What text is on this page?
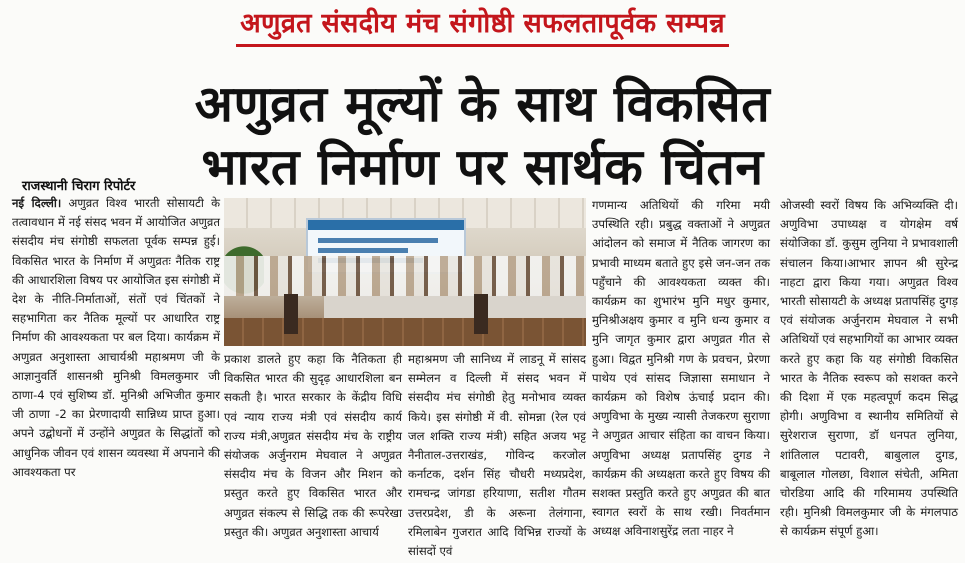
अणुव्रत संसदीय मंच संगोष्ठी सफलतापूर्वक सम्पन्न
अणुव्रत मूल्यों के साथ विकसित
भारत निर्माण पर सार्थक चिंतन
राजस्थानी चिराग रिपोर्टर

नई दिल्ली। अणुव्रत विश्व भारती सोसायटी के तत्वावधान में नई संसद भवन में आयोजित अणुव्रत संसदीय मंच संगोष्ठी सफलता पूर्वक सम्पन्न हुई। विकसित भारत के निर्माण में अणुव्रतः नैतिक राष्ट्र की आधारशिला विषय पर आयोजित इस संगोष्ठी में देश के नीति-निर्माताओं, संतों एवं चिंतकों ने सहभागिता कर नैतिक मूल्यों पर आधारित राष्ट्र निर्माण की आवश्यकता पर बल दिया। कार्यक्रम में अणुव्रत अनुशास्ता आचार्यश्री महाश्रमण जी के आज्ञानुवर्ति शासनश्री मुनिश्री विमलकुमार जी ठाणा-4 एवं सुशिष्य डॉ. मुनिश्री अभिजीत कुमार जी ठाणा -2 का प्रेरणादायी सान्निध्य प्राप्त हुआ। अपने उद्बोधनों में उन्होंने अणुव्रत के सिद्धांतों को आधुनिक जीवन एवं शासन व्यवस्था में अपनाने की आवश्यकता पर

प्रकाश डालते हुए कहा कि नैतिकता ही विकसित भारत की सुदृढ़ आधारशिला बन सकती है। भारत सरकार के केंद्रीय विधि एवं न्याय राज्य मंत्री एवं संसदीय कार्य राज्य मंत्री,अणुव्रत संसदीय मंच के राष्ट्रीय संयोजक अर्जुनराम मेघवाल ने अणुव्रत संसदीय मंच के विजन और मिशन को प्रस्तुत करते हुए विकसित भारत और अणुव्रत संकल्प से सिद्धि तक की रूपरेखा प्रस्तुत की। अणुव्रत अनुशास्ता आचार्य

महाश्रमण जी सानिध्य में लाडनू में सांसद सम्मेलन व दिल्ली में संसद भवन में संसदीय मंच संगोष्ठी हेतु मनोभाव व्यक्त किये। इस संगोष्ठी में वी. सोमन्ना (रेल एवं जल शक्ति राज्य मंत्री) सहित अजय भट्ट नैनीताल-उत्तराखंड, गोविन्द करजोल कर्नाटक, दर्शन सिंह चौधरी मध्यप्रदेश, रामचन्द्र जांगडा हरियाणा, सतीश गौतम उत्तरप्रदेश, डी के अरूना तेलंगाना, रमिलाबेन गुजरात आदि विभिन्न राज्यों के सांसदों एवं

गणमान्य अतिथियों की गरिमा मयी उपस्थिति रही। प्रबुद्ध वक्ताओं ने अणुव्रत आंदोलन को समाज में नैतिक जागरण का प्रभावी माध्यम बताते हुए इसे जन-जन तक पहुँचाने की आवश्यकता व्यक्त की। कार्यक्रम का शुभारंभ मुनि मधुर कुमार, मुनिश्रीअक्षय कुमार व मुनि धन्य कुमार व मुनि जागृत कुमार द्वारा अणुव्रत गीत से हुआ। विद्वत मुनिश्री गण के प्रवचन, प्रेरणा पाथेय एवं सांसद जिज्ञासा समाधान ने कार्यक्रम को विशेष ऊंचाई प्रदान की। अणुविभा के मुख्य न्यासी तेजकरण सुराणा ने अणुव्रत आचार संहिता का वाचन किया। अणुविभा अध्यक्ष प्रतापसिंह दुगड ने कार्यक्रम की अध्यक्षता करते हुए विषय की सशक्त प्रस्तुति करते हुए अणुव्रत की बात स्वागत स्वरों के साथ रखी। निवर्तमान अध्यक्ष अविनाशसुरेंद्र लता नाहर ने

ओजस्वी स्वरों विषय कि अभिव्यक्ति दी।अणुविभा उपाध्यक्ष व योगक्षेम वर्ष संयोजिका डॉ. कुसुम लुनिया ने प्रभावशाली संचालन किया।आभार ज्ञापन श्री सुरेन्द्र नाहटा द्वारा किया गया। अणुव्रत विश्व भारती सोसायटी के अध्यक्ष प्रतापसिंह दुगड़ एवं संयोजक अर्जुनराम मेघवाल ने सभी अतिथियों एवं सहभागियों का आभार व्यक्त करते हुए कहा कि यह संगोष्ठी विकसित भारत के नैतिक स्वरूप को सशक्त करने की दिशा में एक महत्वपूर्ण कदम सिद्ध होगी। अणुविभा व स्थानीय समितियों से सुरेशराज सुराणा, डॉ धनपत लुनिया, शांतिलाल पटावरी, बाबुलाल दुगड, बाबूलाल गोलछा, विशाल संचेती, अमिता चोरडिया आदि की गरिमामय उपस्थिति रही। मुनिश्री विमलकुमार जी के मंगलपाठ से कार्यक्रम संपूर्ण हुआ।
